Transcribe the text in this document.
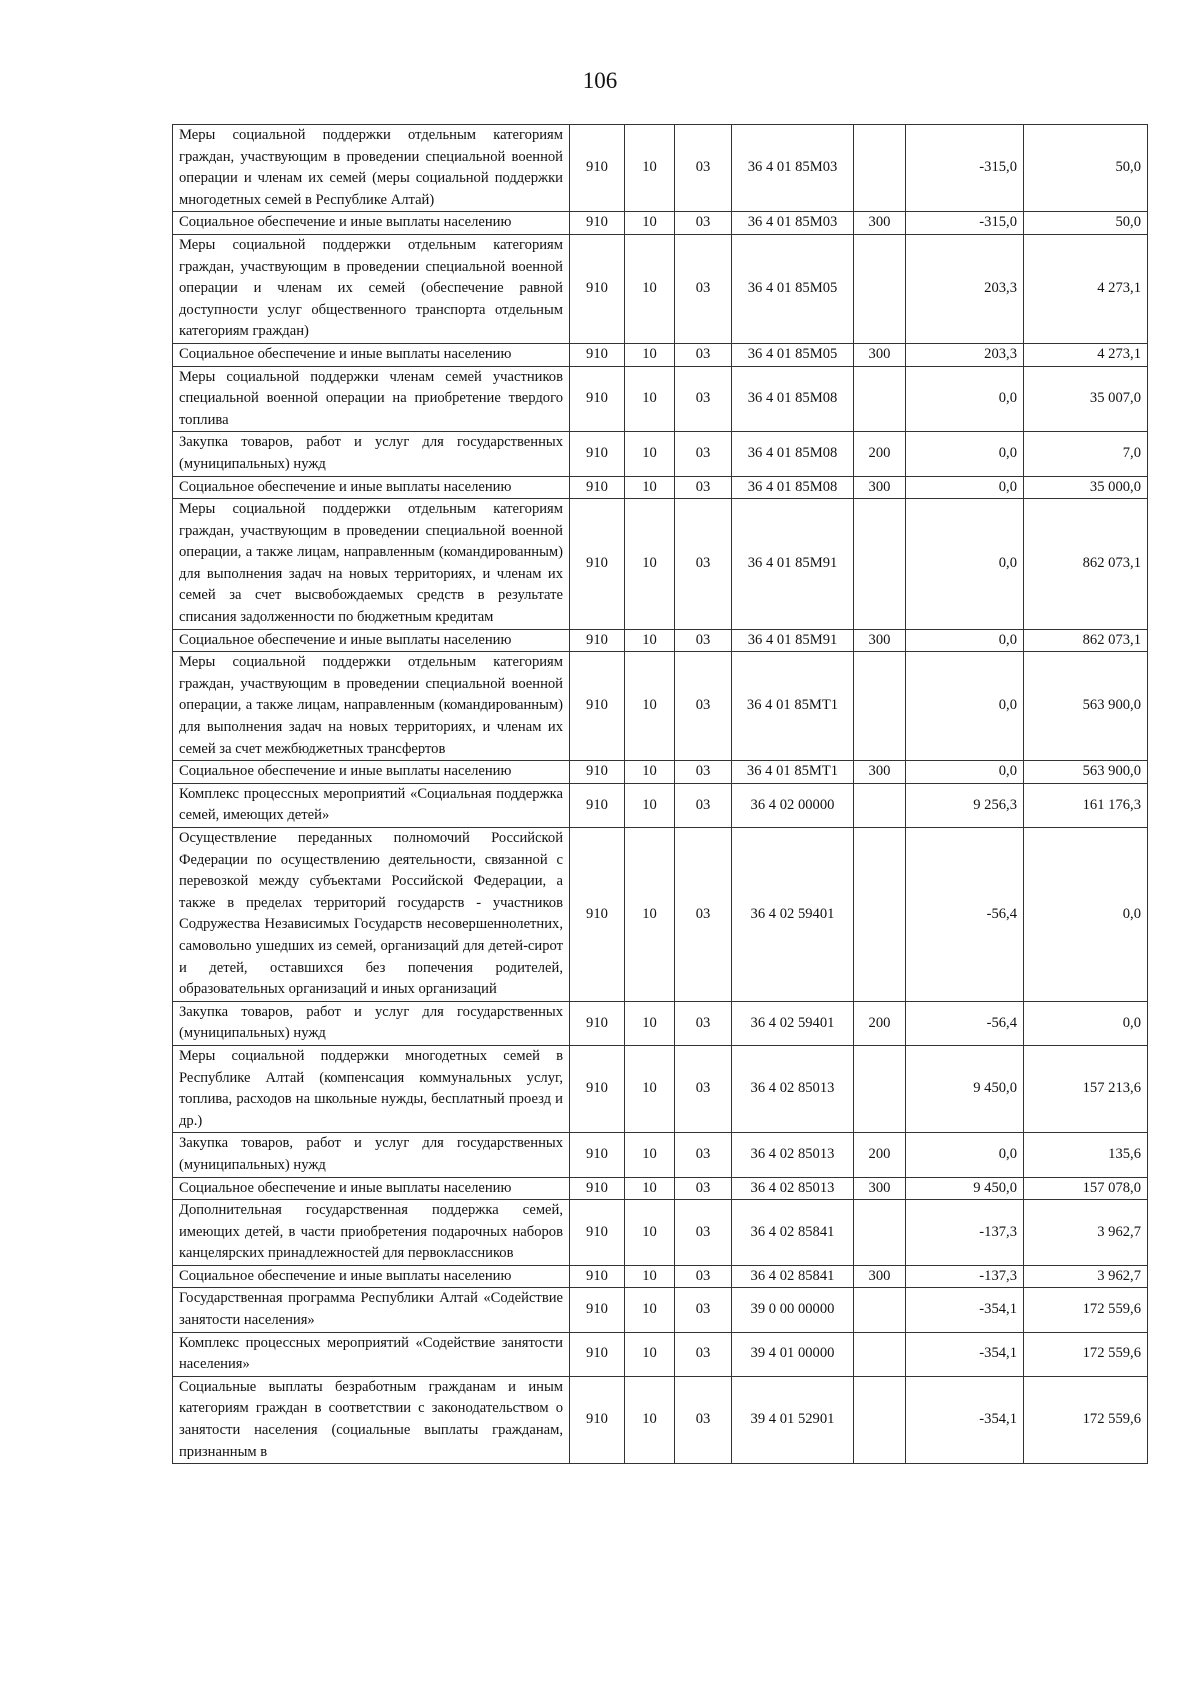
106
Меры социальной поддержки отдельным категориям граждан, участвующим в проведении специальной военной операции и членам их семей (меры социальной поддержки многодетных семей в Республике Алтай)	910	10	03	36 4 01 85М03		-315,0	50,0
Социальное обеспечение и иные выплаты населению	910	10	03	36 4 01 85М03	300	-315,0	50,0
Меры социальной поддержки отдельным категориям граждан, участвующим в проведении специальной военной операции и членам их семей (обеспечение равной доступности услуг общественного транспорта отдельным категориям граждан)	910	10	03	36 4 01 85М05		203,3	4 273,1
Социальное обеспечение и иные выплаты населению	910	10	03	36 4 01 85М05	300	203,3	4 273,1
Меры социальной поддержки членам семей участников специальной военной операции на приобретение твердого топлива	910	10	03	36 4 01 85М08		0,0	35 007,0
Закупка товаров, работ и услуг для государственных (муниципальных) нужд	910	10	03	36 4 01 85М08	200	0,0	7,0
Социальное обеспечение и иные выплаты населению	910	10	03	36 4 01 85М08	300	0,0	35 000,0
Меры социальной поддержки отдельным категориям граждан, участвующим в проведении специальной военной операции, а также лицам, направленным (командированным) для выполнения задач на новых территориях, и членам их семей за счет высвобождаемых средств в результате списания задолженности по бюджетным кредитам	910	10	03	36 4 01 85М91		0,0	862 073,1
Социальное обеспечение и иные выплаты населению	910	10	03	36 4 01 85М91	300	0,0	862 073,1
Меры социальной поддержки отдельным категориям граждан, участвующим в проведении специальной военной операции, а также лицам, направленным (командированным) для выполнения задач на новых территориях, и членам их семей за счет межбюджетных трансфертов	910	10	03	36 4 01 85МТ1		0,0	563 900,0
Социальное обеспечение и иные выплаты населению	910	10	03	36 4 01 85МТ1	300	0,0	563 900,0
Комплекс процессных мероприятий «Социальная поддержка семей, имеющих детей»	910	10	03	36 4 02 00000		9 256,3	161 176,3
Осуществление переданных полномочий Российской Федерации по осуществлению деятельности, связанной с перевозкой между субъектами Российской Федерации, а также в пределах территорий государств - участников Содружества Независимых Государств несовершеннолетних, самовольно ушедших из семей, организаций для детей-сирот и детей, оставшихся без попечения родителей, образовательных организаций и иных организаций	910	10	03	36 4 02 59401		-56,4	0,0
Закупка товаров, работ и услуг для государственных (муниципальных) нужд	910	10	03	36 4 02 59401	200	-56,4	0,0
Меры социальной поддержки многодетных семей в Республике Алтай (компенсация коммунальных услуг, топлива, расходов на школьные нужды, бесплатный проезд и др.)	910	10	03	36 4 02 85013		9 450,0	157 213,6
Закупка товаров, работ и услуг для государственных (муниципальных) нужд	910	10	03	36 4 02 85013	200	0,0	135,6
Социальное обеспечение и иные выплаты населению	910	10	03	36 4 02 85013	300	9 450,0	157 078,0
Дополнительная государственная поддержка семей, имеющих детей, в части приобретения подарочных наборов канцелярских принадлежностей для первоклассников	910	10	03	36 4 02 85841		-137,3	3 962,7
Социальное обеспечение и иные выплаты населению	910	10	03	36 4 02 85841	300	-137,3	3 962,7
Государственная программа Республики Алтай «Содействие занятости населения»	910	10	03	39 0 00 00000		-354,1	172 559,6
Комплекс процессных мероприятий «Содействие занятости населения»	910	10	03	39 4 01 00000		-354,1	172 559,6
Социальные выплаты безработным гражданам и иным категориям граждан в соответствии с законодательством о занятости населения (социальные выплаты гражданам, признанным в	910	10	03	39 4 01 52901		-354,1	172 559,6
